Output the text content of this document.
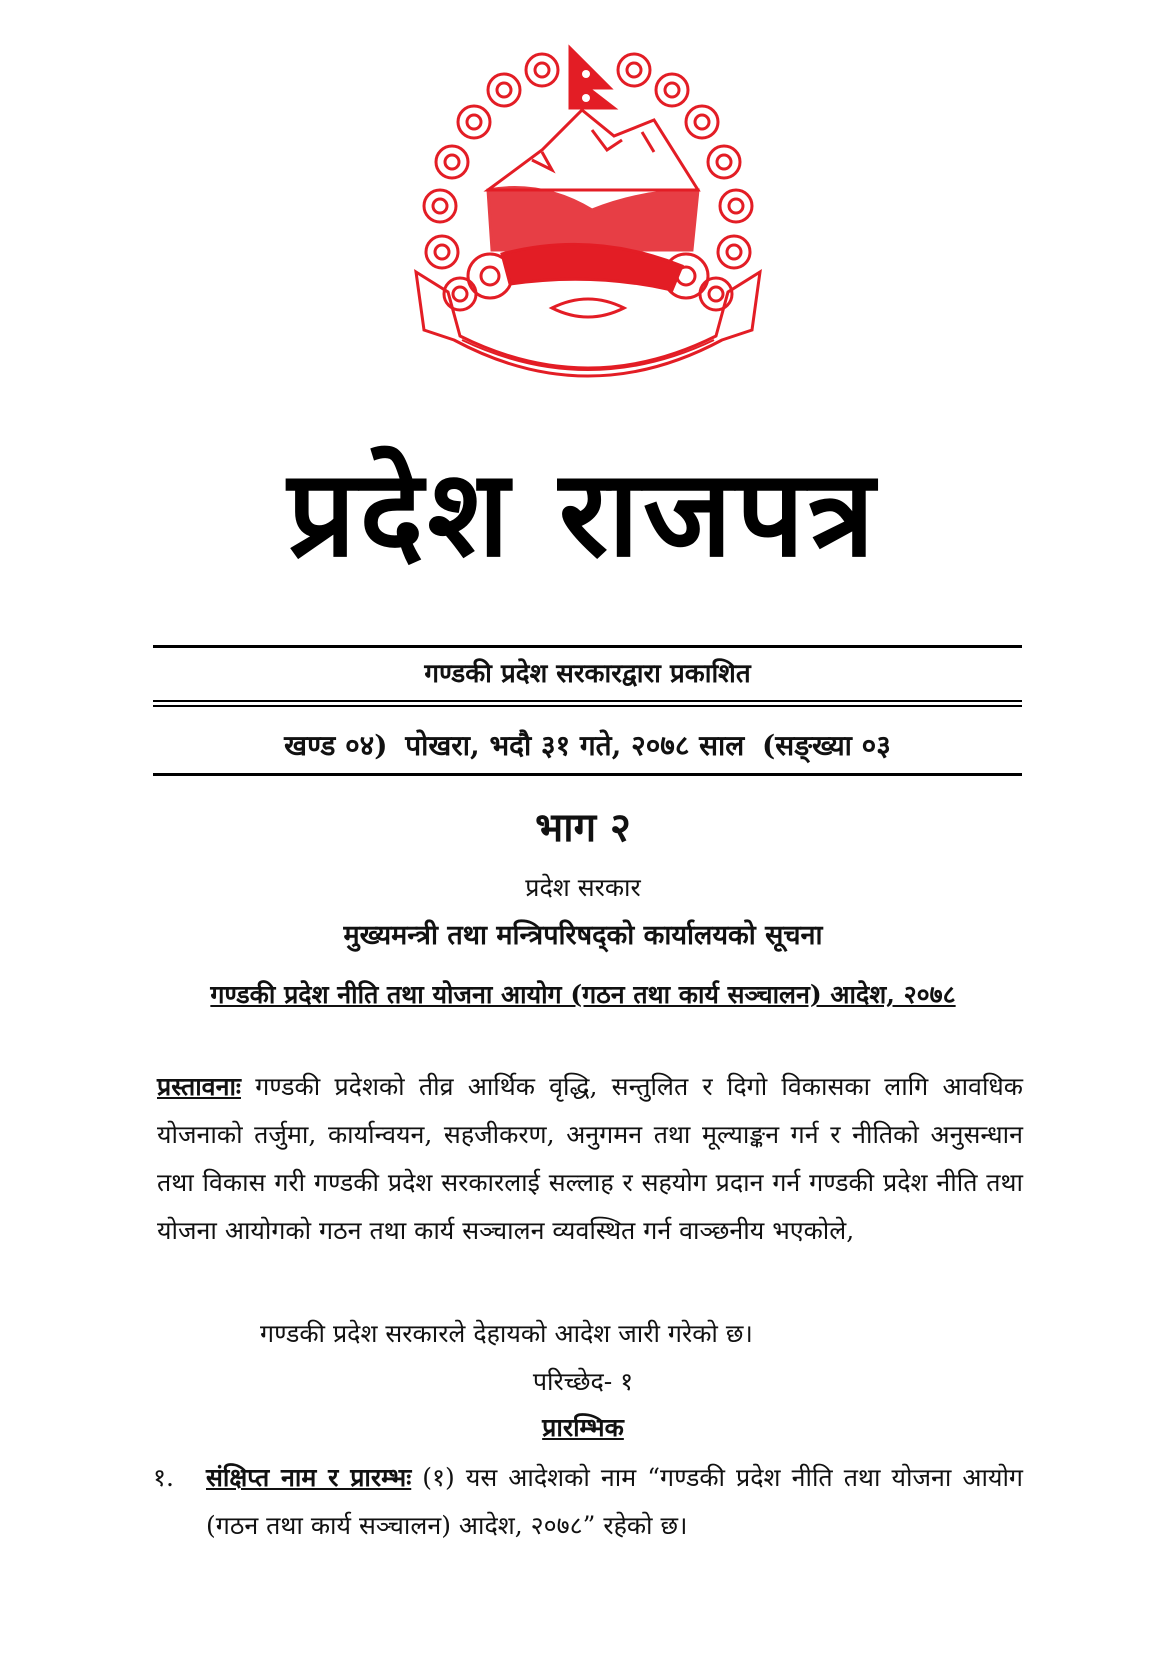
प्रदेश राजपत्र
गण्डकी प्रदेश सरकारद्वारा प्रकाशित
खण्ड ०४) पोखरा, भदौ ३१ गते, २०७८ साल (सङ्ख्या ०३
भाग २
प्रदेश सरकार
मुख्यमन्त्री तथा मन्त्रिपरिषद्को कार्यालयको सूचना
गण्डकी प्रदेश नीति तथा योजना आयोग (गठन तथा कार्य सञ्चालन) आदेश, २०७८
प्रस्तावनाः गण्डकी प्रदेशको तीव्र आर्थिक वृद्धि, सन्तुलित र दिगो विकासका लागि आवधिक योजनाको तर्जुमा, कार्यान्वयन, सहजीकरण, अनुगमन तथा मूल्याङ्कन गर्न र नीतिको अनुसन्धान तथा विकास गरी गण्डकी प्रदेश सरकारलाई सल्लाह र सहयोग प्रदान गर्न गण्डकी प्रदेश नीति तथा योजना आयोगको गठन तथा कार्य सञ्चालन व्यवस्थित गर्न वाञ्छनीय भएकोले,
गण्डकी प्रदेश सरकारले देहायको आदेश जारी गरेको छ।
परिच्छेद- १
प्रारम्भिक
१.	संक्षिप्त नाम र प्रारम्भः (१) यस आदेशको नाम “गण्डकी प्रदेश नीति तथा योजना आयोग (गठन तथा कार्य सञ्चालन) आदेश, २०७८” रहेको छ।
